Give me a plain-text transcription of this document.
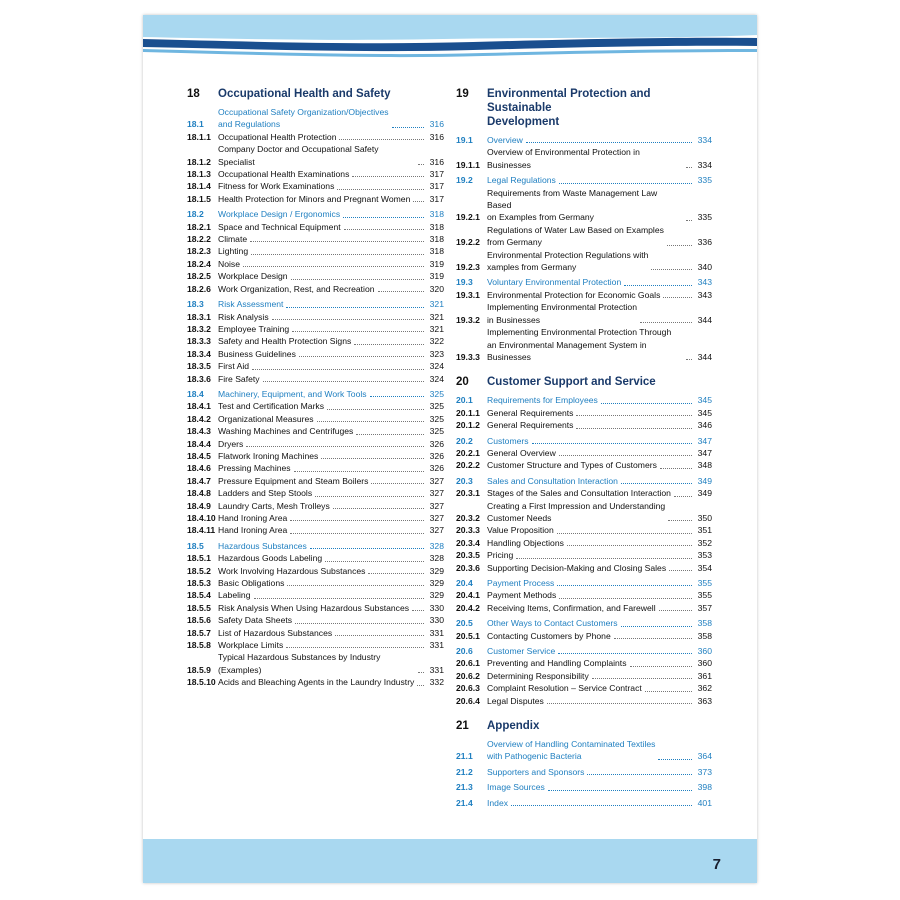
18	Occupational Health and Safety
18.1
Occupational Safety Organization/Objectives
and Regulations	316
18.1.1 Occupational Health Protection	316
18.1.2
Company Doctor and Occupational Safety Specialist	316
18.1.3 Occupational Health Examinations	317
18.1.4 Fitness for Work Examinations	317
18.1.5 Health Protection for Minors and Pregnant Women	317
18.2	Workplace Design / Ergonomics	318
18.2.1 Space and Technical Equipment	318
18.2.2 Climate	318
18.2.3 Lighting	318
18.2.4 Noise	319
18.2.5 Workplace Design	319
18.2.6 Work Organization, Rest, and Recreation	320
18.3	Risk Assessment	321
18.3.1 Risk Analysis	321
18.3.2 Employee Training	321
18.3.3 Safety and Health Protection Signs	322
18.3.4 Business Guidelines	323
18.3.5 First Aid	324
18.3.6 Fire Safety	324
18.4	Machinery, Equipment, and Work Tools	325
18.4.1 Test and Certification Marks	325
18.4.2 Organizational Measures	325
18.4.3 Washing Machines and Centrifuges	325
18.4.4 Dryers	326
18.4.5 Flatwork Ironing Machines	326
18.4.6 Pressing Machines	326
18.4.7 Pressure Equipment and Steam Boilers	327
18.4.8 Ladders and Step Stools	327
18.4.9 Laundry Carts, Mesh Trolleys	327
18.4.10 Hand Ironing Area	327
18.4.11 Hand Ironing Area	327
18.5	Hazardous Substances	328
18.5.1 Hazardous Goods Labeling	328
18.5.2 Work Involving Hazardous Substances	329
18.5.3 Basic Obligations	329
18.5.4 Labeling	329
18.5.5 Risk Analysis When Using Hazardous Substances	330
18.5.6 Safety Data Sheets	330
18.5.7 List of Hazardous Substances	331
18.5.8 Workplace Limits	331
18.5.9
Typical Hazardous Substances by Industry (Examples)	331
18.5.10 Acids and Bleaching Agents in the Laundry Industry	332
19	Environmental Protection and Sustainable
Development
19.1	Overview	334
19.1.1
Overview of Environmental Protection in Businesses	334
19.2	Legal Regulations	335
19.2.1
Requirements from Waste Management Law Based
on Examples from Germany	335
19.2.2
Regulations of Water Law Based on Examples
from Germany	336
19.2.3
Environmental Protection Regulations with
xamples from Germany	340
19.3	Voluntary Environmental Protection	343
19.3.1 Environmental Protection for Economic Goals	343
19.3.2
Implementing Environmental Protection
in Businesses	344
19.3.3
Implementing Environmental Protection Through
an Environmental Management System in Businesses	344
20	Customer Support and Service
20.1	Requirements for Employees	345
20.1.1 General Requirements	345
20.1.2 General Requirements	346
20.2	Customers	347
20.2.1 General Overview	347
20.2.2 Customer Structure and Types of Customers	348
20.3	Sales and Consultation Interaction	349
20.3.1 Stages of the Sales and Consultation Interaction	349
20.3.2
Creating a First Impression and Understanding
Customer Needs	350
20.3.3 Value Proposition	351
20.3.4 Handling Objections	352
20.3.5 Pricing	353
20.3.6 Supporting Decision-Making and Closing Sales	354
20.4	Payment Process	355
20.4.1 Payment Methods	355
20.4.2 Receiving Items, Confirmation, and Farewell	357
20.5	Other Ways to Contact Customers	358
20.5.1 Contacting Customers by Phone	358
20.6	Customer Service	360
20.6.1 Preventing and Handling Complaints	360
20.6.2 Determining Responsibility	361
20.6.3 Complaint Resolution – Service Contract	362
20.6.4 Legal Disputes	363
21	Appendix
21.1
Overview of Handling Contaminated Textiles
with Pathogenic Bacteria	364
21.2	Supporters and Sponsors	373
21.3	Image Sources	398
21.4	Index	401
7
